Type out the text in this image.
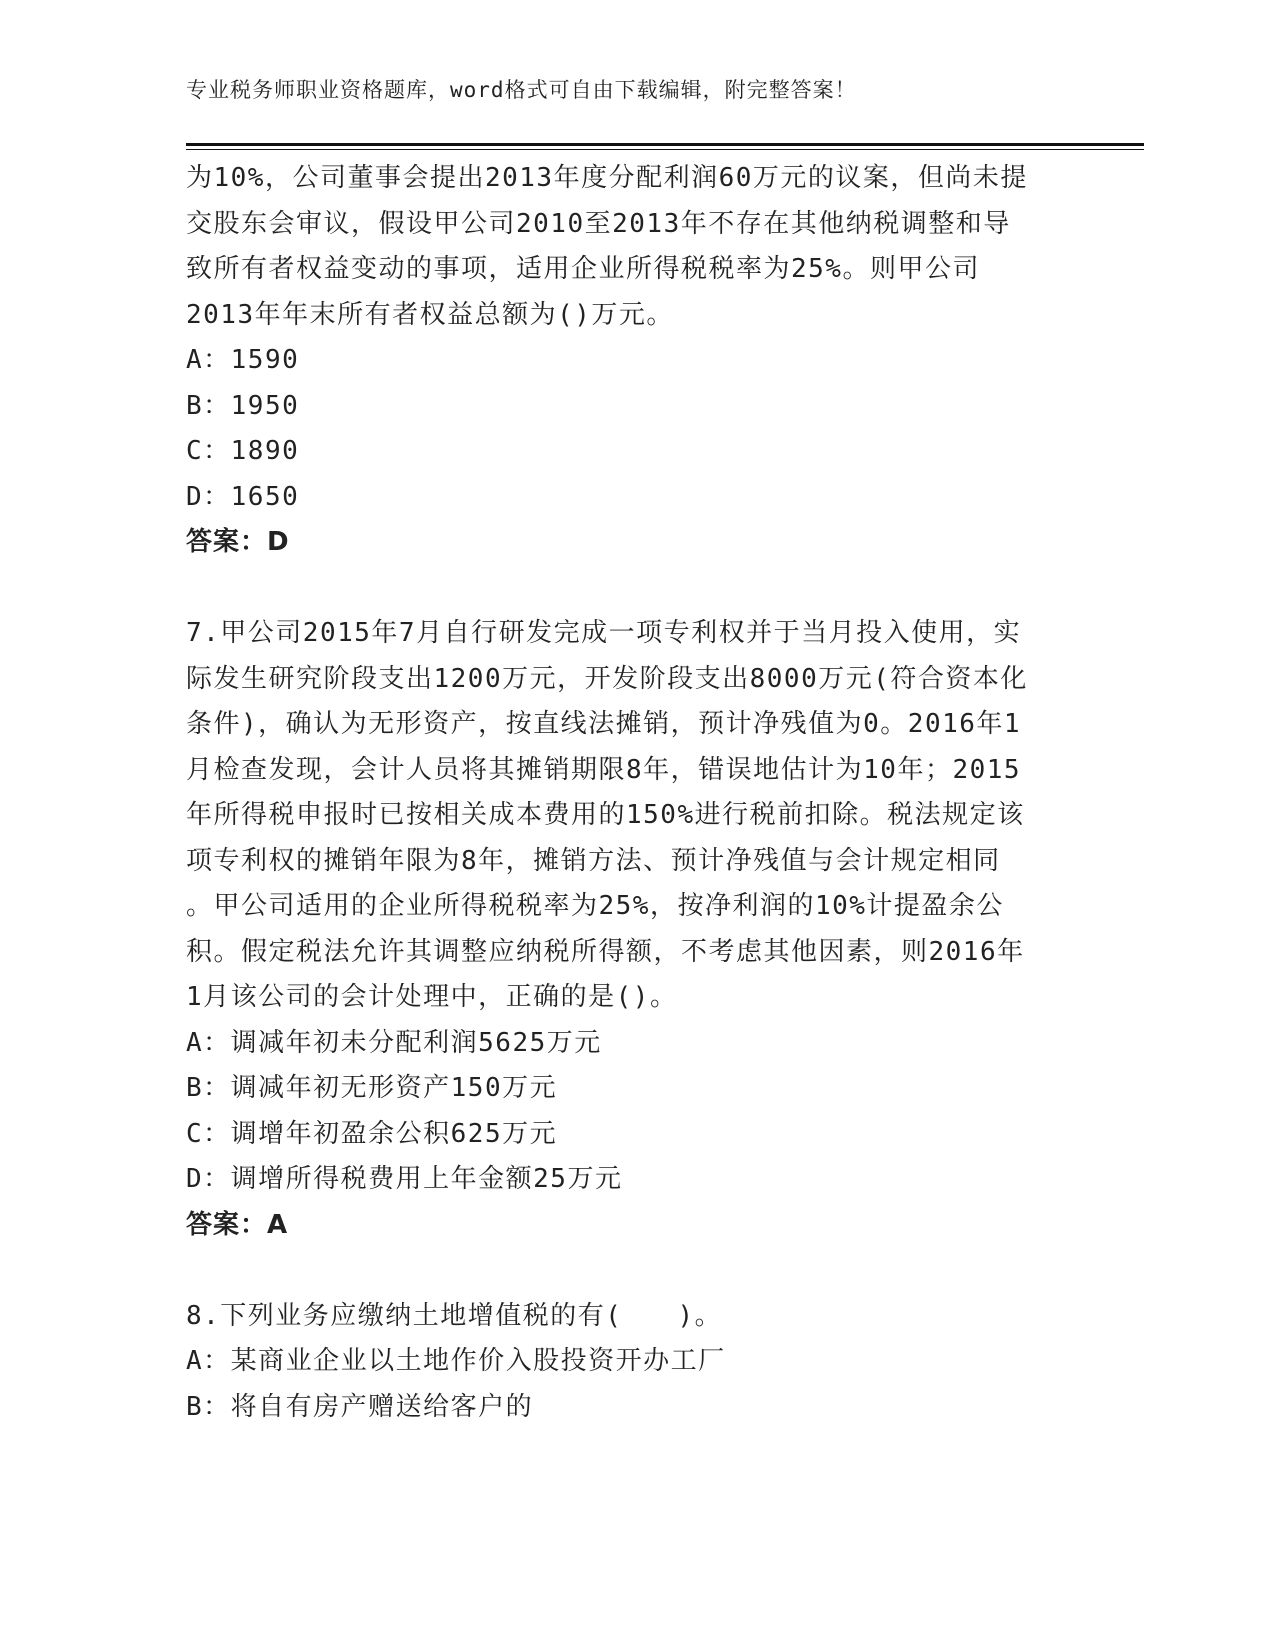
专业税务师职业资格题库，word格式可自由下载编辑，附完整答案！
为10%，公司董事会提出2013年度分配利润60万元的议案，但尚未提
交股东会审议，假设甲公司2010至2013年不存在其他纳税调整和导
致所有者权益变动的事项，适用企业所得税税率为25%。则甲公司
2013年年末所有者权益总额为()万元。
A：1590
B：1950
C：1890
D：1650
答案：D
7.甲公司2015年7月自行研发完成一项专利权并于当月投入使用，实
际发生研究阶段支出1200万元，开发阶段支出8000万元(符合资本化
条件)，确认为无形资产，按直线法摊销，预计净残值为0。2016年1
月检查发现，会计人员将其摊销期限8年，错误地估计为10年；2015
年所得税申报时已按相关成本费用的150%进行税前扣除。税法规定该
项专利权的摊销年限为8年，摊销方法、预计净残值与会计规定相同
。甲公司适用的企业所得税税率为25%，按净利润的10%计提盈余公
积。假定税法允许其调整应纳税所得额，不考虑其他因素，则2016年
1月该公司的会计处理中，正确的是()。
A：调减年初未分配利润5625万元
B：调减年初无形资产150万元
C：调增年初盈余公积625万元
D：调增所得税费用上年金额25万元
答案：A
8.下列业务应缴纳土地增值税的有(　　)。
A：某商业企业以土地作价入股投资开办工厂
B：将自有房产赠送给客户的
